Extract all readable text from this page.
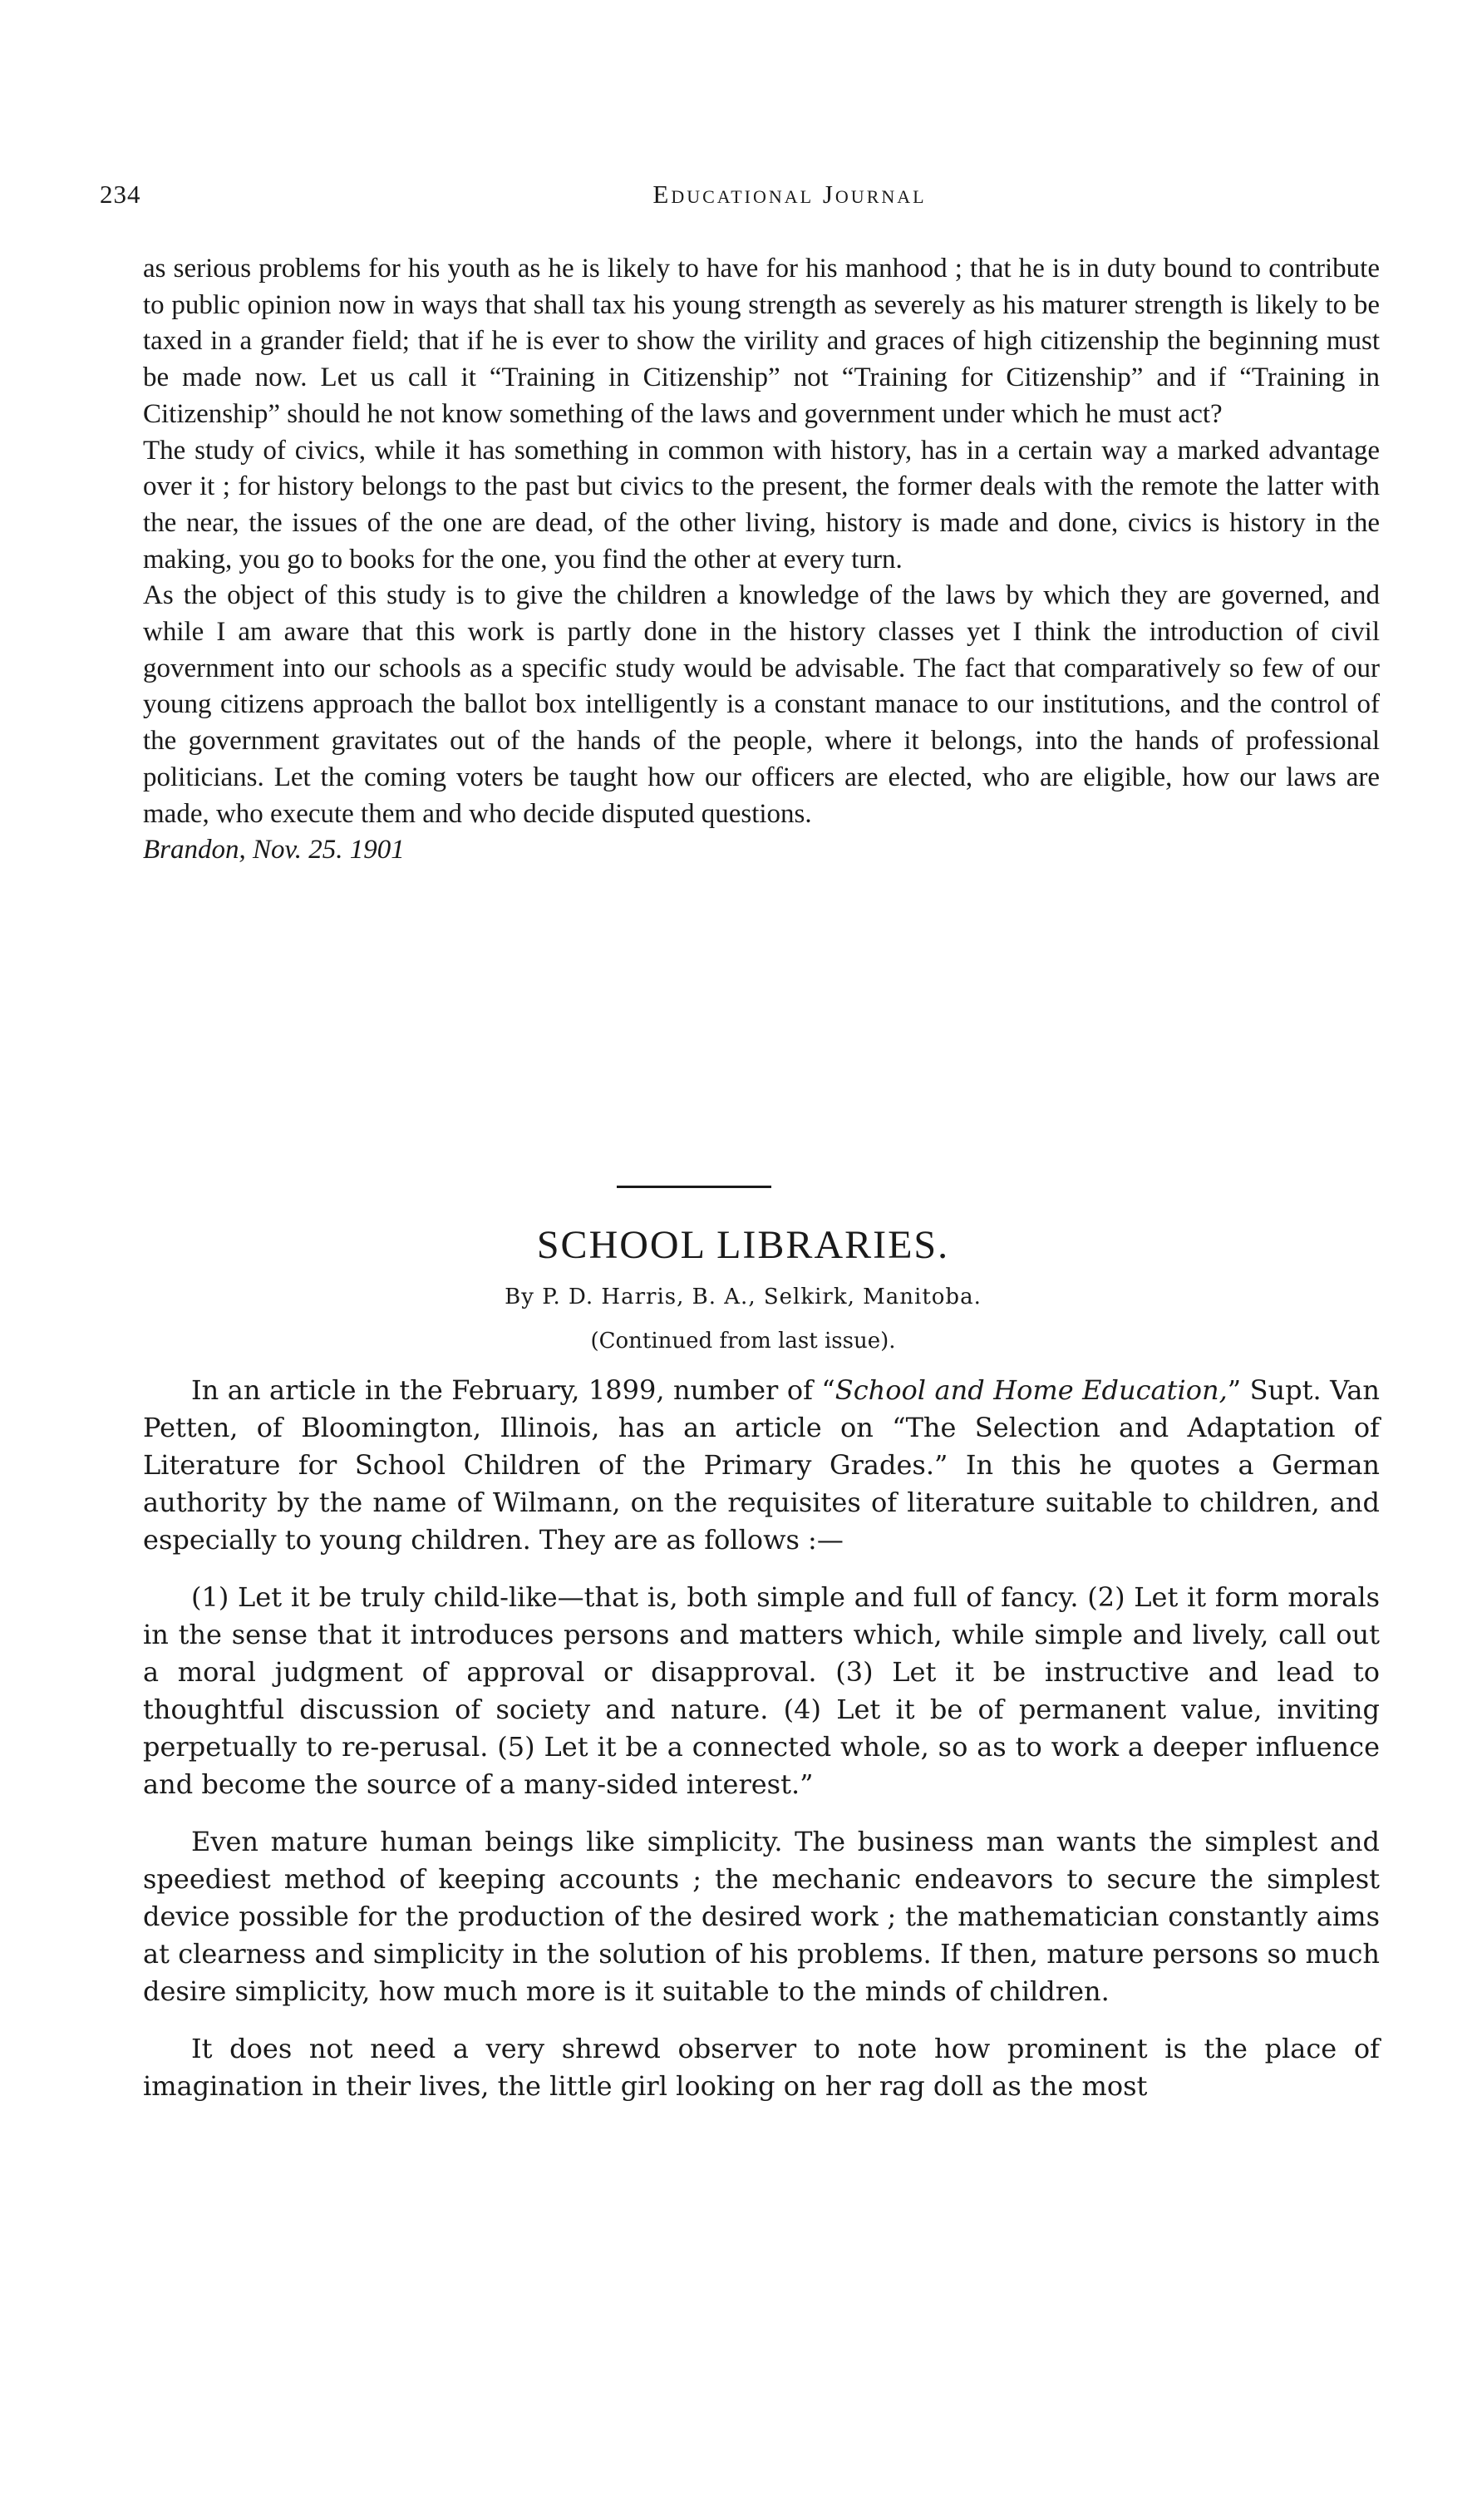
234	Educational Journal

as serious problems for his youth as he is likely to have for his manhood ; that he is in duty bound to contribute to public opinion now in ways that shall tax his young strength as severely as his maturer strength is likely to be taxed in a grander field; that if he is ever to show the virility and graces of high citizenship the beginning must be made now. Let us call it “Training in Citizenship” not “Training for Citizenship” and if “Training in Citizenship” should he not know something of the laws and government under which he must act?

The study of civics, while it has something in common with history, has in a certain way a marked advantage over it ; for history belongs to the past but civics to the present, the former deals with the remote the latter with the near, the issues of the one are dead, of the other living, history is made and done, civics is history in the making, you go to books for the one, you find the other at every turn.

As the object of this study is to give the children a knowledge of the laws by which they are governed, and while I am aware that this work is partly done in the history classes yet I think the introduction of civil government into our schools as a specific study would be advisable. The fact that comparatively so few of our young citizens approach the ballot box intelligently is a constant manace to our institutions, and the control of the government gravitates out of the hands of the people, where it belongs, into the hands of professional politicians. Let the coming voters be taught how our officers are elected, who are eligible, how our laws are made, who execute them and who decide disputed questions.

Brandon, Nov. 25. 1901

SCHOOL LIBRARIES.
By P. D. Harris, B. A., Selkirk, Manitoba.
(Continued from last issue).

In an article in the February, 1899, number of “School and Home Education,” Supt. Van Petten, of Bloomington, Illinois, has an article on “The Selection and Adaptation of Literature for School Children of the Primary Grades.” In this he quotes a German authority by the name of Wilmann, on the requisites of literature suitable to children, and especially to young children. They are as follows :—

(1) Let it be truly child-like—that is, both simple and full of fancy. (2) Let it form morals in the sense that it introduces persons and matters which, while simple and lively, call out a moral judgment of approval or disapproval. (3) Let it be instructive and lead to thoughtful discussion of society and nature. (4) Let it be of permanent value, inviting perpetually to re-perusal. (5) Let it be a connected whole, so as to work a deeper influence and become the source of a many-sided interest.”

Even mature human beings like simplicity. The business man wants the simplest and speediest method of keeping accounts ; the mechanic endeavors to secure the simplest device possible for the production of the desired work ; the mathematician constantly aims at clearness and simplicity in the solution of his problems. If then, mature persons so much desire simplicity, how much more is it suitable to the minds of children.

It does not need a very shrewd observer to note how prominent is the place of imagination in their lives, the little girl looking on her rag doll as the most
